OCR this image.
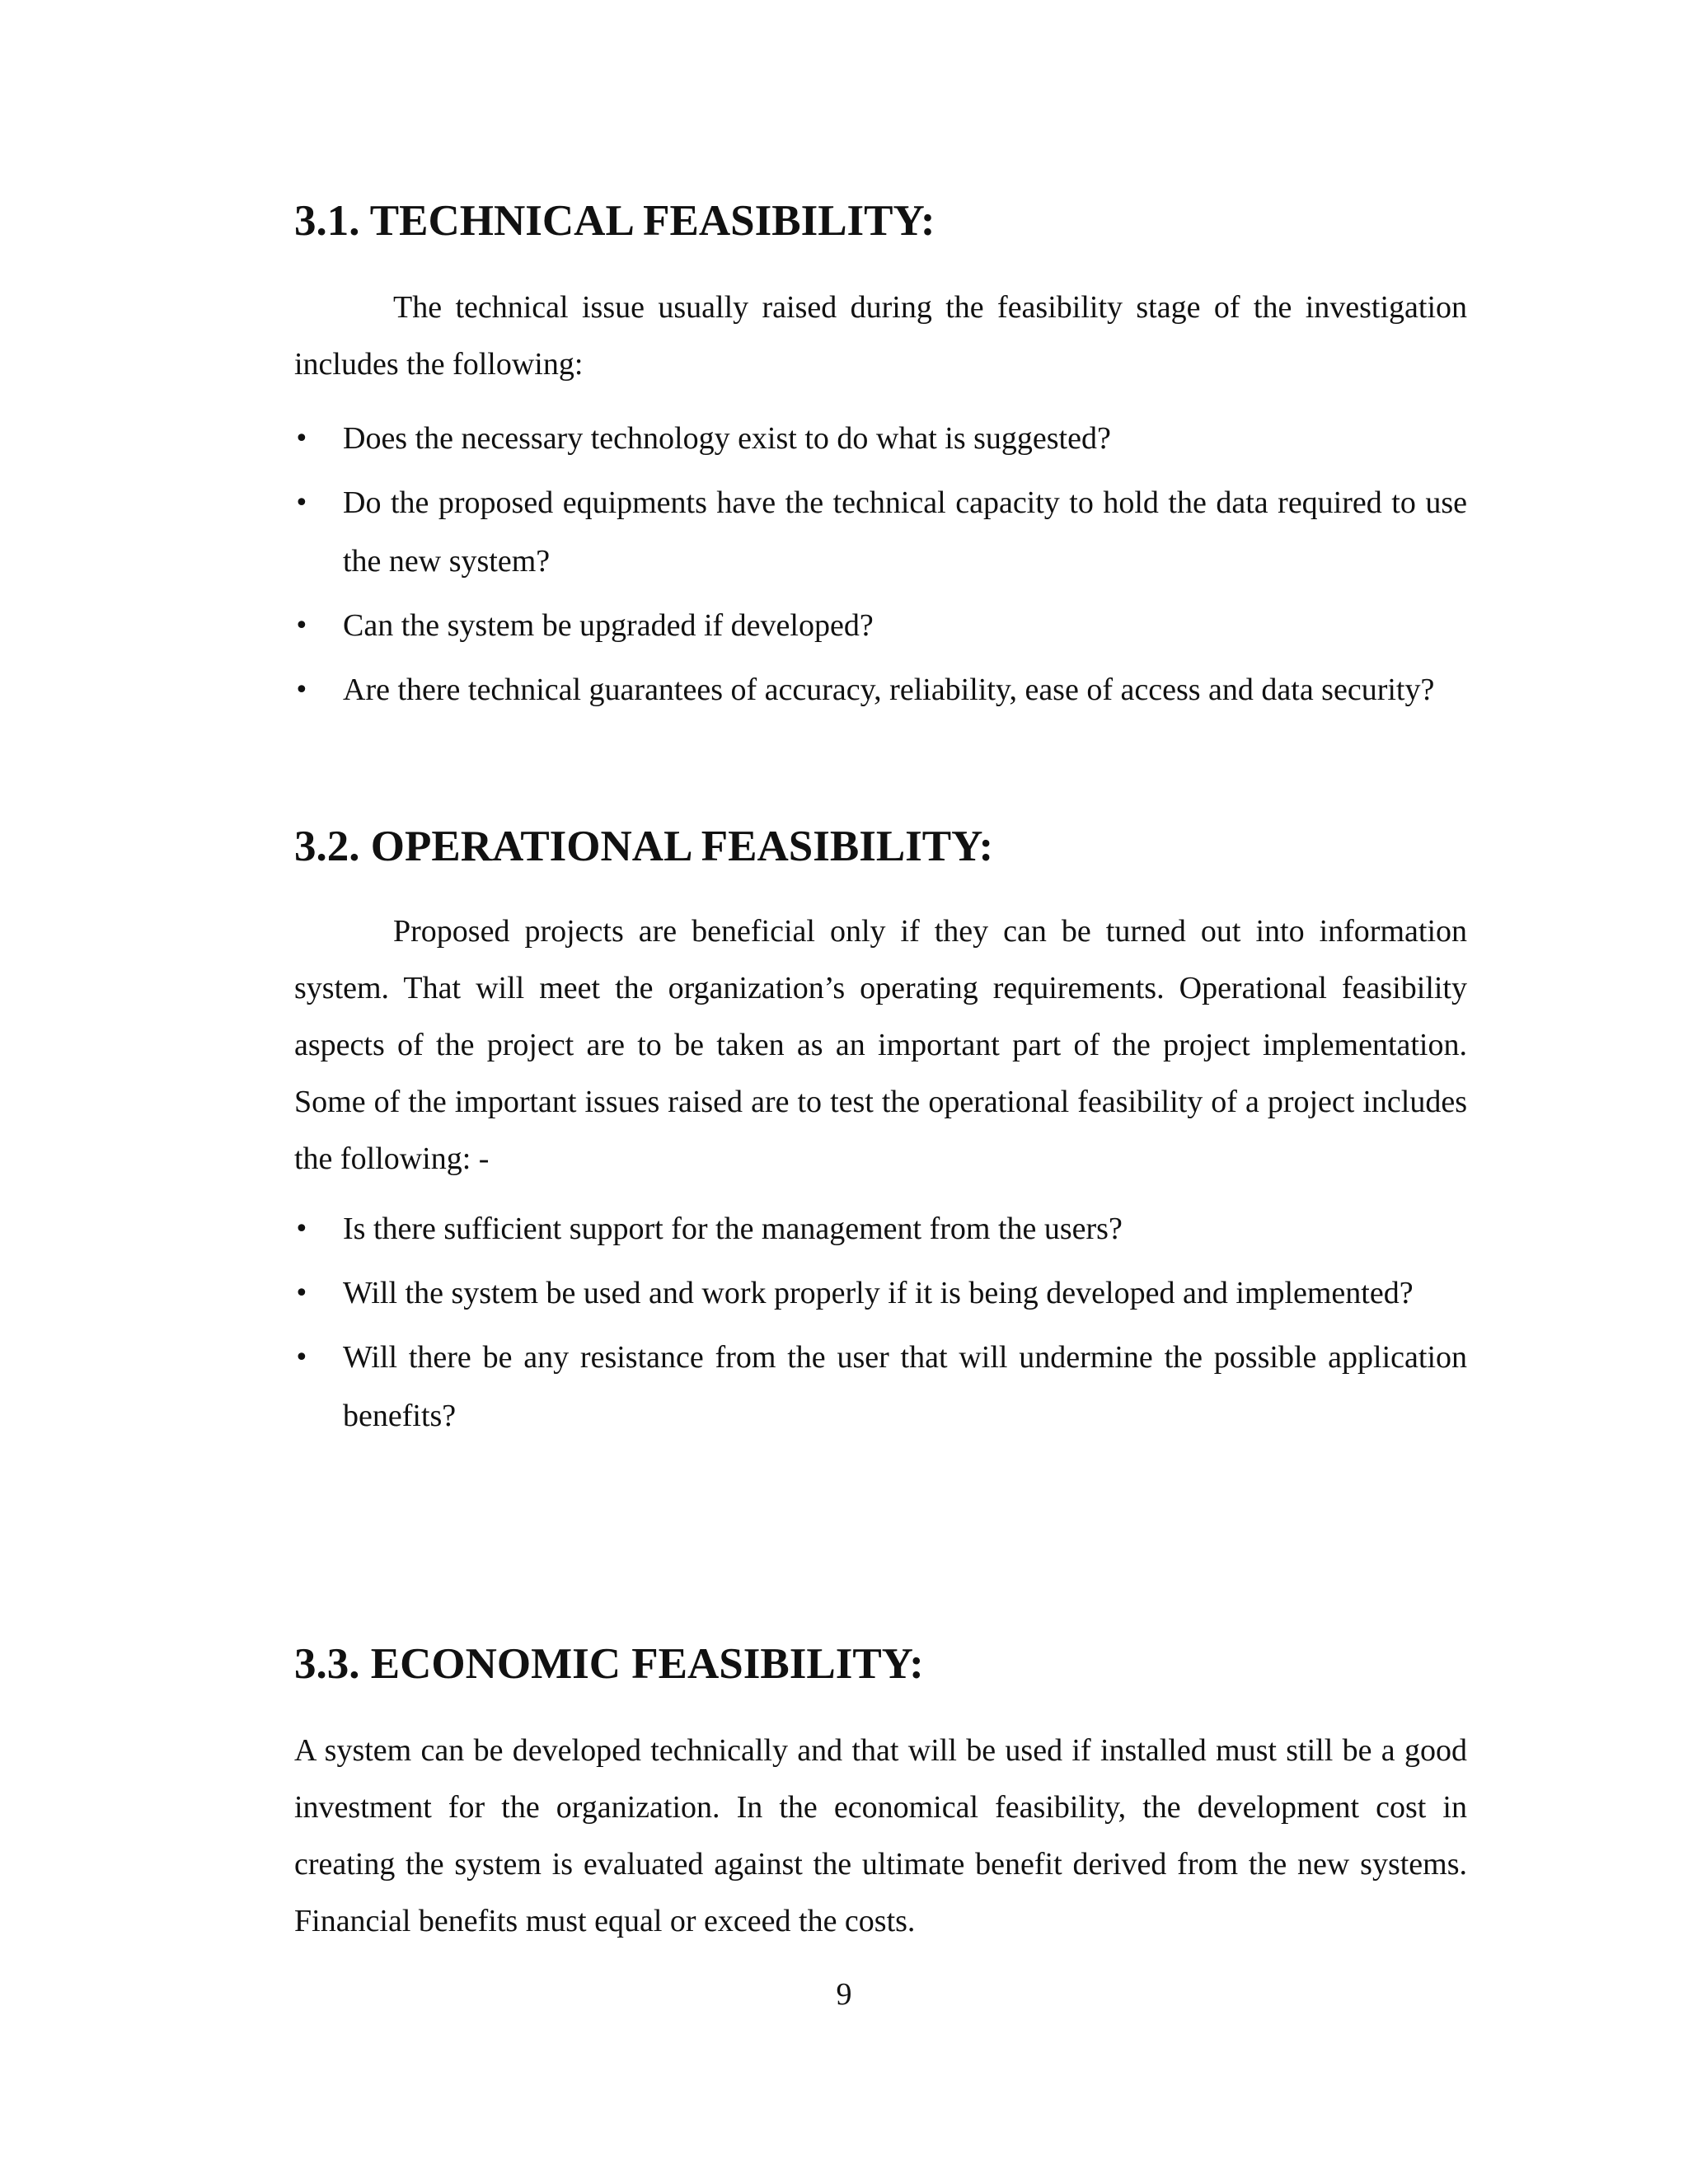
3.1. TECHNICAL FEASIBILITY:

The technical issue usually raised during the feasibility stage of the investigation includes the following:

•	Does the necessary technology exist to do what is suggested?
•	Do the proposed equipments have the technical capacity to hold the data required to use the new system?
•	Can the system be upgraded if developed?
•	Are there technical guarantees of accuracy, reliability, ease of access and data security?
3.2. OPERATIONAL FEASIBILITY:

Proposed projects are beneficial only if they can be turned out into information system. That will meet the organization’s operating requirements. Operational feasibility aspects of the project are to be taken as an important part of the project implementation. Some of the important issues raised are to test the operational feasibility of a project includes the following: -

•	Is there sufficient support for the management from the users?
•	Will the system be used and work properly if it is being developed and implemented?
•	Will there be any resistance from the user that will undermine the possible application benefits?
3.3. ECONOMIC FEASIBILITY:

A system can be developed technically and that will be used if installed must still be a good investment for the organization. In the economical feasibility, the development cost in creating the system is evaluated against the ultimate benefit derived from the new systems. Financial benefits must equal or exceed the costs.

9
